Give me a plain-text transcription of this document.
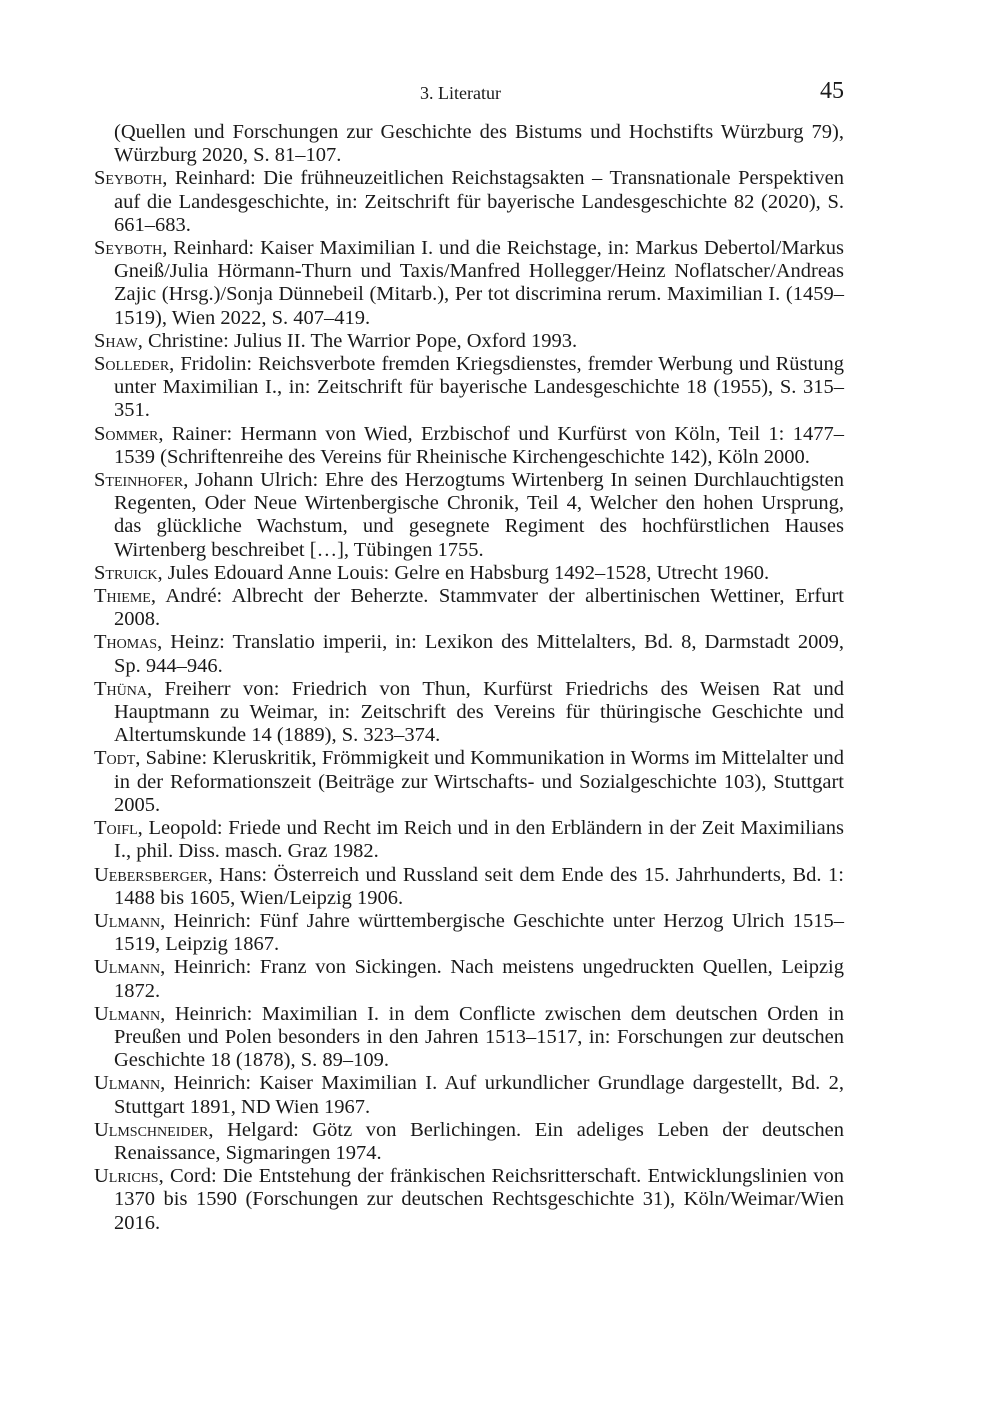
3. Literatur	45

(Quellen und Forschungen zur Geschichte des Bistums und Hochstifts Würzburg 79), Würzburg 2020, S. 81–107.

Seyboth, Reinhard: Die frühneuzeitlichen Reichstagsakten – Transnationale Perspektiven auf die Landesgeschichte, in: Zeitschrift für bayerische Landesgeschichte 82 (2020), S. 661–683.

Seyboth, Reinhard: Kaiser Maximilian I. und die Reichstage, in: Markus Debertol/Markus Gneiß/Julia Hörmann-Thurn und Taxis/Manfred Hollegger/Heinz Noflatscher/Andreas Zajic (Hrsg.)/Sonja Dünnebeil (Mitarb.), Per tot discrimina rerum. Maximilian I. (1459–1519), Wien 2022, S. 407–419.

Shaw, Christine: Julius II. The Warrior Pope, Oxford 1993.

Solleder, Fridolin: Reichsverbote fremden Kriegsdienstes, fremder Werbung und Rüstung unter Maximilian I., in: Zeitschrift für bayerische Landesgeschichte 18 (1955), S. 315–351.

Sommer, Rainer: Hermann von Wied, Erzbischof und Kurfürst von Köln, Teil 1: 1477–1539 (Schriftenreihe des Vereins für Rheinische Kirchengeschichte 142), Köln 2000.

Steinhofer, Johann Ulrich: Ehre des Herzogtums Wirtenberg In seinen Durchlauchtigsten Regenten, Oder Neue Wirtenbergische Chronik, Teil 4, Welcher den hohen Ursprung, das glückliche Wachstum, und gesegnete Regiment des hochfürstlichen Hauses Wirtenberg beschreibet […], Tübingen 1755.

Struick, Jules Edouard Anne Louis: Gelre en Habsburg 1492–1528, Utrecht 1960.

Thieme, André: Albrecht der Beherzte. Stammvater der albertinischen Wettiner, Erfurt 2008.

Thomas, Heinz: Translatio imperii, in: Lexikon des Mittelalters, Bd. 8, Darmstadt 2009, Sp. 944–946.

Thüna, Freiherr von: Friedrich von Thun, Kurfürst Friedrichs des Weisen Rat und Hauptmann zu Weimar, in: Zeitschrift des Vereins für thüringische Geschichte und Altertumskunde 14 (1889), S. 323–374.

Todt, Sabine: Kleruskritik, Frömmigkeit und Kommunikation in Worms im Mittelalter und in der Reformationszeit (Beiträge zur Wirtschafts- und Sozialgeschichte 103), Stuttgart 2005.

Toifl, Leopold: Friede und Recht im Reich und in den Erbländern in der Zeit Maximilians I., phil. Diss. masch. Graz 1982.

Uebersberger, Hans: Österreich und Russland seit dem Ende des 15. Jahrhunderts, Bd. 1: 1488 bis 1605, Wien/Leipzig 1906.

Ulmann, Heinrich: Fünf Jahre württembergische Geschichte unter Herzog Ulrich 1515–1519, Leipzig 1867.

Ulmann, Heinrich: Franz von Sickingen. Nach meistens ungedruckten Quellen, Leipzig 1872.

Ulmann, Heinrich: Maximilian I. in dem Conflicte zwischen dem deutschen Orden in Preußen und Polen besonders in den Jahren 1513–1517, in: Forschungen zur deutschen Geschichte 18 (1878), S. 89–109.

Ulmann, Heinrich: Kaiser Maximilian I. Auf urkundlicher Grundlage dargestellt, Bd. 2, Stuttgart 1891, ND Wien 1967.

Ulmschneider, Helgard: Götz von Berlichingen. Ein adeliges Leben der deutschen Renaissance, Sigmaringen 1974.

Ulrichs, Cord: Die Entstehung der fränkischen Reichsritterschaft. Entwicklungslinien von 1370 bis 1590 (Forschungen zur deutschen Rechtsgeschichte 31), Köln/Weimar/Wien 2016.
